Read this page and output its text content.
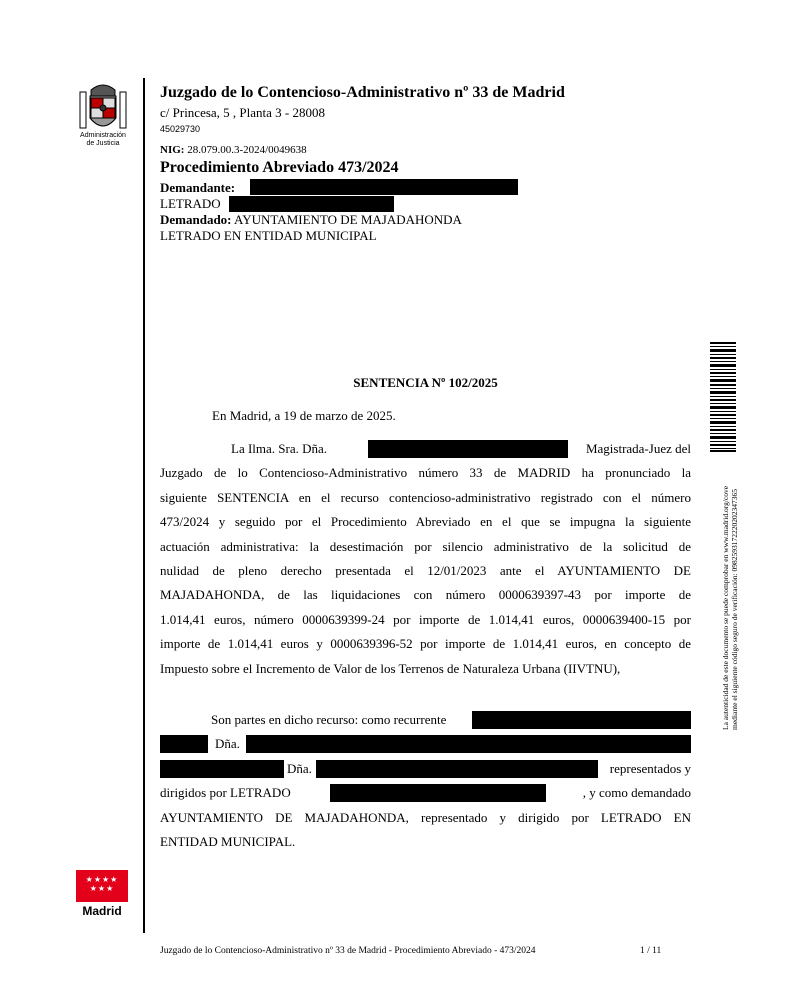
Administración
de Justicia
★★★★
★★★
Madrid
Juzgado de lo Contencioso-Administrativo nº 33 de Madrid
c/ Princesa, 5 , Planta 3 - 28008
45029730
NIG: 28.079.00.3-2024/0049638
Procedimiento Abreviado 473/2024
Demandante:
LETRADO
Demandado: AYUNTAMIENTO DE MAJADAHONDA
LETRADO EN ENTIDAD MUNICIPAL
SENTENCIA Nº 102/2025
En Madrid, a 19 de marzo de 2025.
La Ilma. Sra. Dña.	Magistrada-Juez del
Juzgado de lo Contencioso-Administrativo número 33 de MADRID ha pronunciado la
siguiente SENTENCIA en el recurso contencioso-administrativo registrado con el número
473/2024 y seguido por el Procedimiento Abreviado en el que se impugna la siguiente
actuación administrativa: la desestimación por silencio administrativo de la solicitud de
nulidad de pleno derecho presentada el 12/01/2023 ante el AYUNTAMIENTO DE
MAJADAHONDA, de las liquidaciones con número 0000639397-43 por importe de
1.014,41 euros, número 0000639399-24 por importe de 1.014,41 euros, 0000639400-15 por
importe de 1.014,41 euros y 0000639396-52 por importe de 1.014,41 euros, en concepto de
Impuesto sobre el Incremento de Valor de los Terrenos de Naturaleza Urbana (IIVTNU),
Son partes en dicho recurso: como recurrente
Dña.
Dña.	representados y
dirigidos por LETRADO	, y como demandado
AYUNTAMIENTO DE MAJADAHONDA, representado y dirigido por LETRADO EN
ENTIDAD MUNICIPAL.
La autenticidad de este documento se puede comprobar en www.madrid.org/cove mediante el siguiente código seguro de verificación: 0982593172220202347365
Juzgado de lo Contencioso-Administrativo nº 33 de Madrid - Procedimiento Abreviado - 473/2024	1 / 11
